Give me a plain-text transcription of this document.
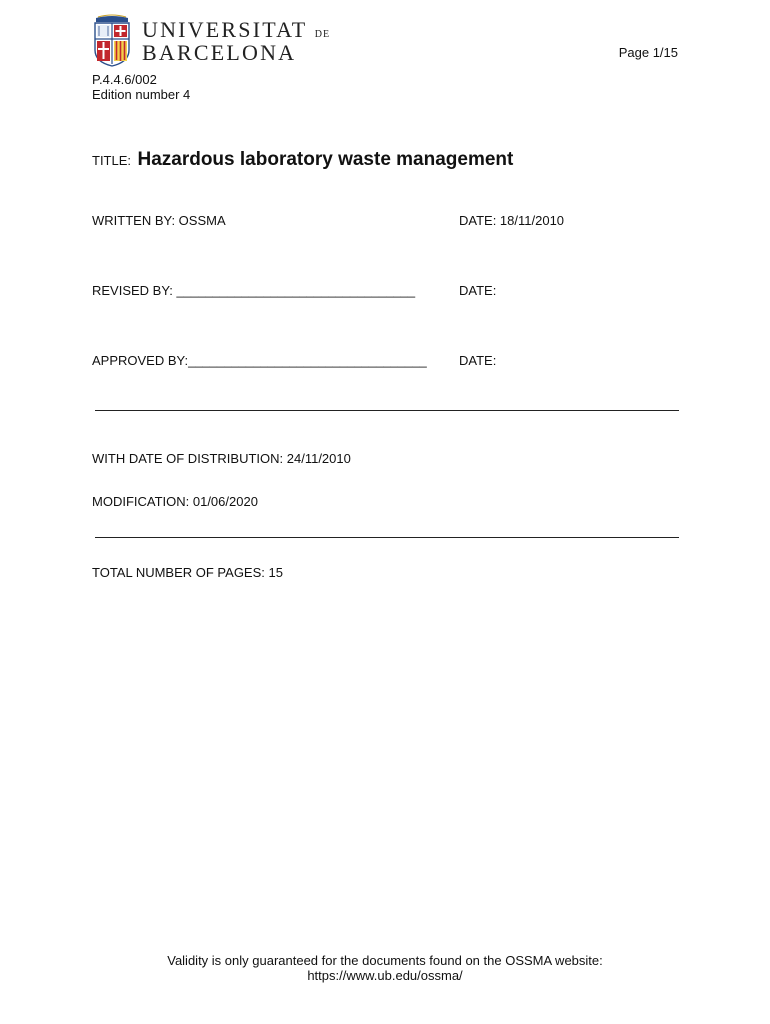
UNIVERSITAT DE
BARCELONA	Page 1/15
P.4.4.6/002
Edition number 4
TITLE: Hazardous laboratory waste management
WRITTEN BY: OSSMA	DATE: 18/11/2010
REVISED BY: _________________________________	DATE:
APPROVED BY:_________________________________ DATE:
WITH DATE OF DISTRIBUTION: 24/11/2010
MODIFICATION: 01/06/2020
TOTAL NUMBER OF PAGES: 15
Validity is only guaranteed for the documents found on the OSSMA website:
https://www.ub.edu/ossma/
